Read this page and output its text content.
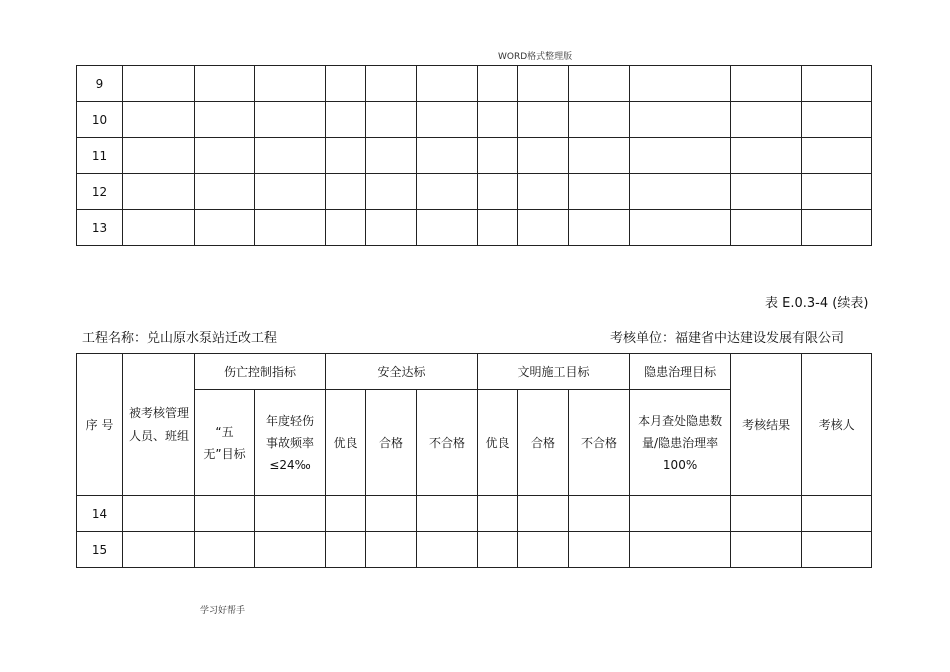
WORD格式整理版
9												
10												
11												
12												
13												
表 E.0.3-4 (续表)
工程名称：兑山原水泵站迁改工程	考核单位：福建省中达建设发展有限公司
序 号	被考核管理人员、班组	伤亡控制指标		安全达标			文明施工目标			隐患治理目标	考核结果	考核人
		“五无”目标	年度轻伤事故频率≤24‰	优良	合格	不合格	优良	合格	不合格	本月查处隐患数量/隐患治理率 100%		
14												
15												
学习好帮手
